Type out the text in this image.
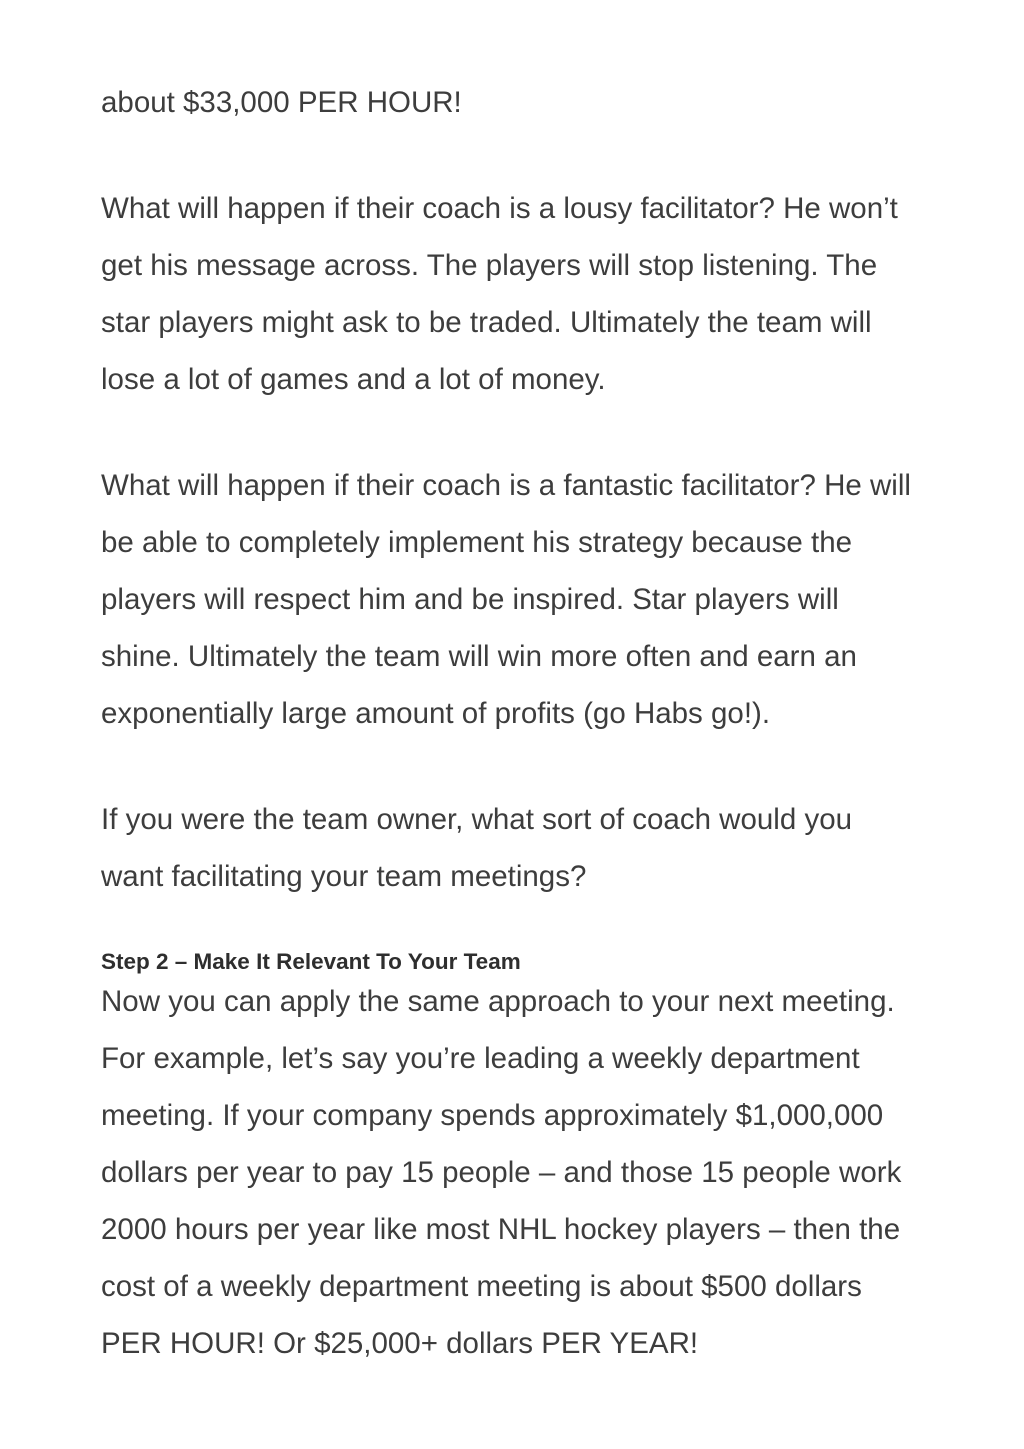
about $33,000 PER HOUR!
What will happen if their coach is a lousy facilitator? He won’t
get his message across. The players will stop listening. The
star players might ask to be traded. Ultimately the team will
lose a lot of games and a lot of money.
What will happen if their coach is a fantastic facilitator? He will
be able to completely implement his strategy because the
players will respect him and be inspired. Star players will
shine. Ultimately the team will win more often and earn an
exponentially large amount of profits (go Habs go!).
If you were the team owner, what sort of coach would you
want facilitating your team meetings?
Step 2 – Make It Relevant To Your Team
Now you can apply the same approach to your next meeting.
For example, let’s say you’re leading a weekly department
meeting. If your company spends approximately $1,000,000
dollars per year to pay 15 people – and those 15 people work
2000 hours per year like most NHL hockey players – then the
cost of a weekly department meeting is about $500 dollars
PER HOUR! Or $25,000+ dollars PER YEAR!
